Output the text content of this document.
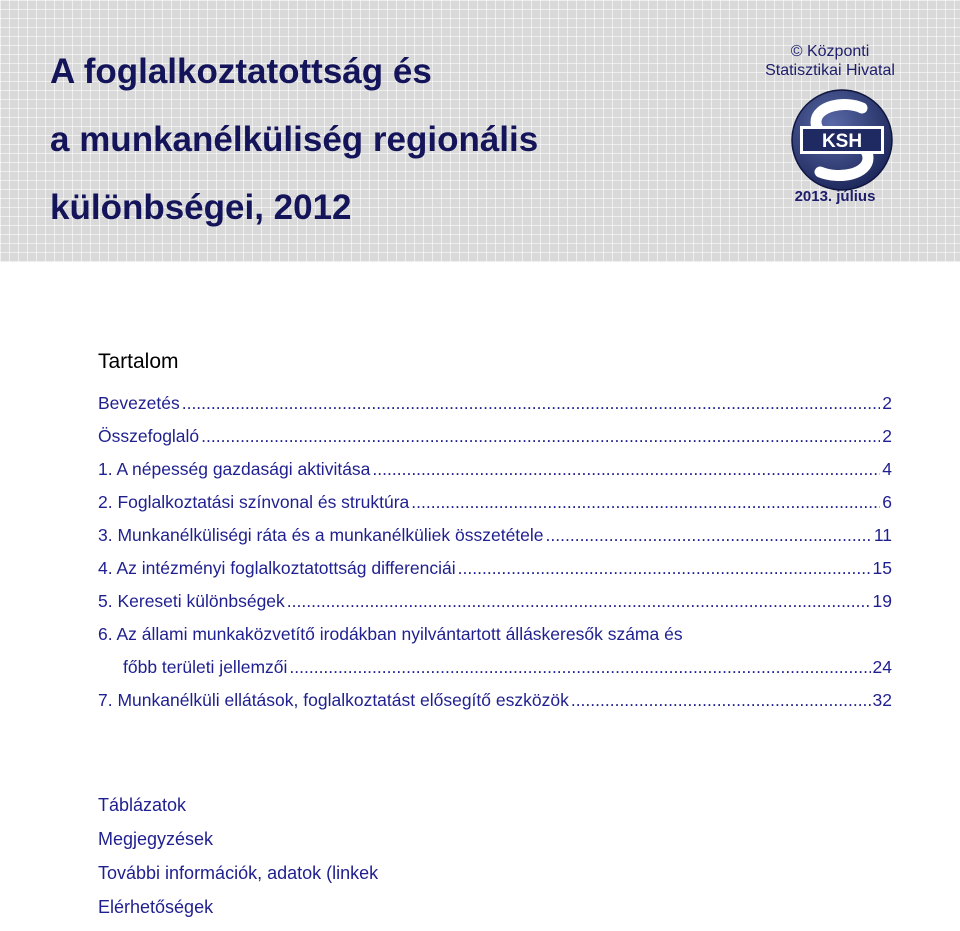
A foglalkoztatottság és
a munkanélküliség regionális
különbségei, 2012
© Központi
Statisztikai Hivatal
KSH
2013. július
Tartalom
Bevezetés .....	2
Összefoglaló .....	2
1. A népesség gazdasági aktivitása .....	4
2. Foglalkoztatási színvonal és struktúra .....	6
3. Munkanélküliségi ráta és a munkanélküliek összetétele .....	11
4. Az intézményi foglalkoztatottság differenciái .....	15
5. Kereseti különbségek .....	19
6. Az állami munkaközvetítő irodákban nyilvántartott álláskeresők száma és
főbb területi jellemzői .....	24
7. Munkanélküli ellátások, foglalkoztatást elősegítő eszközök .....	32
Táblázatok
Megjegyzések
További információk, adatok (linkek
Elérhetőségek
